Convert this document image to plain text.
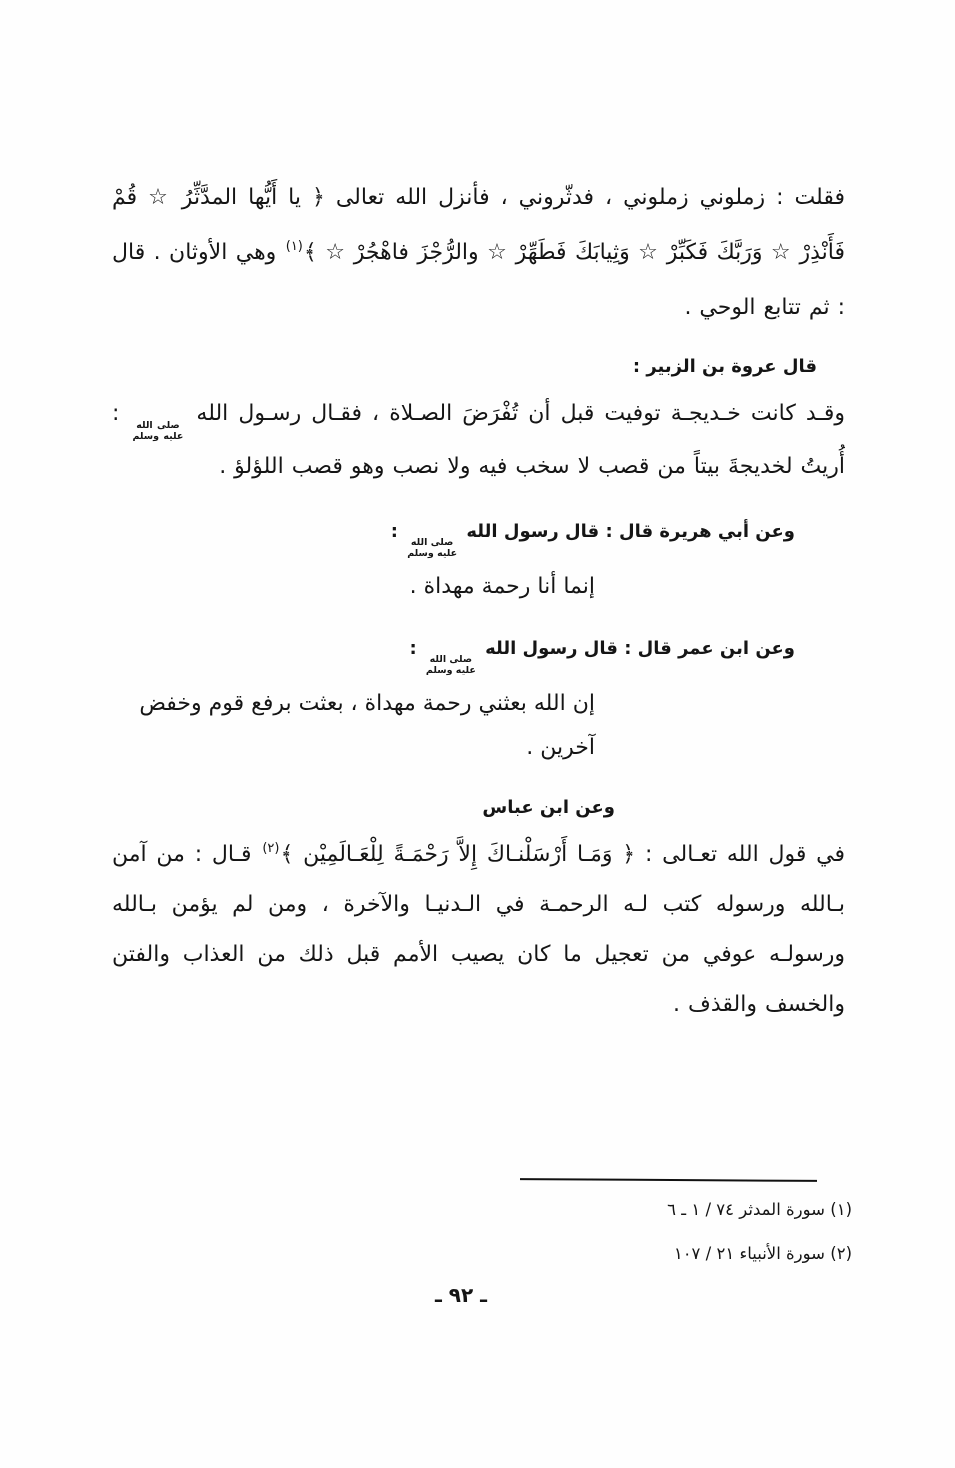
فقلت : زملوني زملوني ، فدثّروني ، فأنزل الله تعالى ﴿ يا أَيُّها المدَّثِّرُ ☆ قُمْ فَأَنْذِرْ ☆ وَرَبَّكَ فَكَبِّرْ ☆ وَثِيابَكَ فَطَهِّرْ ☆ والرُّجْزَ فاهْجُرْ ☆ ﴾$^{(١)}$ وهي الأوثان . قال : ثم تتابع الوحي .

قال عروة بن الزبير :

وقـد كانت خـديجـة توفيت قبل أن تُفْرَضَ الصـلاة ، فقـال رسـول الله
صلى الله
عليه وسلم
: أُريتُ لخديجةَ بيتاً من قصب لا سخب فيه ولا نصب وهو قصب اللؤلؤ .

وعن أبي هريرة قال : قال رسول الله
صلى الله
عليه وسلم
:

إنما أنا رحمة مهداة .

وعن ابن عمر قال : قال رسول الله
صلى الله
عليه وسلم
:

إن الله بعثني رحمة مهداة ، بعثت برفع قوم وخفض آخرين .

وعن ابن عباس

في قول الله تعـالى : ﴿ وَمَـا أَرْسَلْنـاكَ إِلاَّ رَحْمَـةً لِلْعَـالَمِيْن ﴾$^{(٢)}$ قـال : من آمن بـالله ورسوله كتب لـه الرحمـة في الـدنيـا والآخرة ، ومن لم يؤمن بـالله ورسولـه عوفي من تعجيل ما كان يصيب الأمم قبل ذلك من العذاب والفتن والخسف والقذف .

(١) سورة المدثر ٧٤ / ١ ـ ٦
(٢) سورة الأنبياء ٢١ / ١٠٧
ـ ٩٢ ـ
